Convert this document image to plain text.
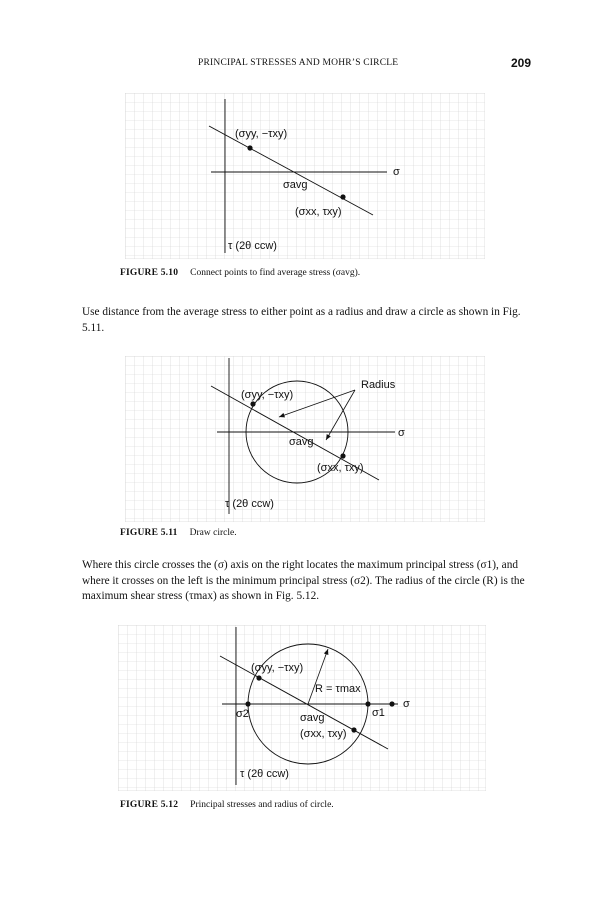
PRINCIPAL STRESSES AND MOHR’S CIRCLE	209
(σyy, −τxy)
σavg
(σxx, τxy)
σ
τ (2θ ccw)
FIGURE 5.10 Connect points to find average stress (σavg).
Use distance from the average stress to either point as a radius and draw a circle as shown in Fig. 5.11.
(σyy, −τxy)
Radius
σavg
(σxx, τxy)
σ
τ (2θ ccw)
FIGURE 5.11 Draw circle.
Where this circle crosses the (σ) axis on the right locates the maximum principal stress (σ1), and where it crosses on the left is the minimum principal stress (σ2). The radius of the circle (R) is the maximum shear stress (τmax) as shown in Fig. 5.12.
(σyy, −τxy)
R = τmax
σ2	σavg	σ1
(σxx, τxy)
σ
τ (2θ ccw)
FIGURE 5.12 Principal stresses and radius of circle.
